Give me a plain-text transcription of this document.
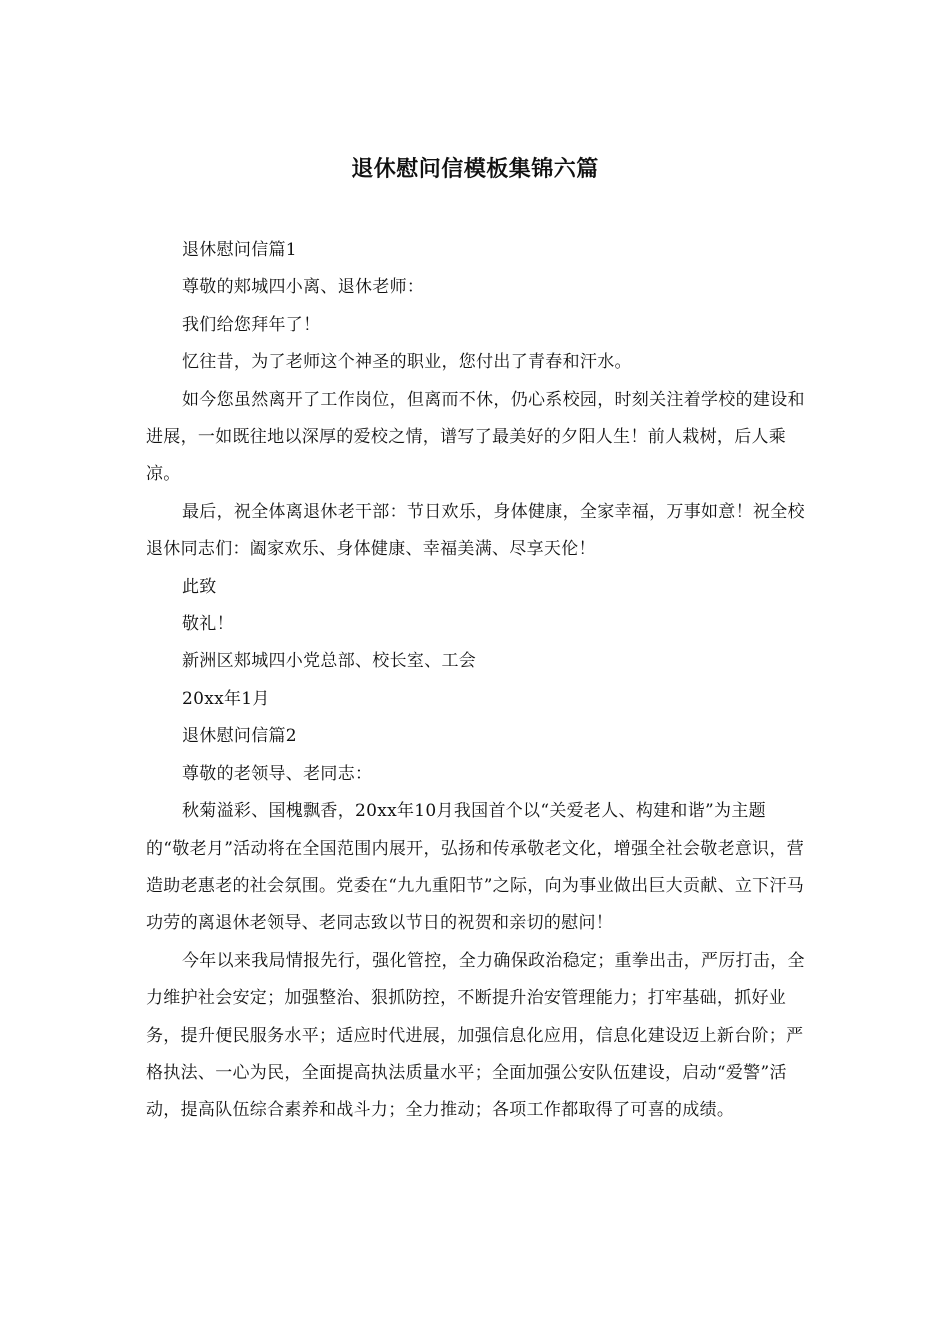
退休慰问信模板集锦六篇

退休慰问信篇1

尊敬的郏城四小离、退休老师：

我们给您拜年了！

忆往昔，为了老师这个神圣的职业，您付出了青春和汗水。

如今您虽然离开了工作岗位，但离而不休，仍心系校园，时刻关注着学校的建设和进展，一如既往地以深厚的爱校之情，谱写了最美好的夕阳人生！前人栽树，后人乘凉。

最后，祝全体离退休老干部：节日欢乐，身体健康，全家幸福，万事如意！祝全校退休同志们：阖家欢乐、身体健康、幸福美满、尽享天伦！

此致

敬礼！

新洲区郏城四小党总部、校长室、工会

20xx年1月

退休慰问信篇2

尊敬的老领导、老同志：

秋菊溢彩、国槐飘香，20xx年10月我国首个以“关爱老人、构建和谐”为主题的“敬老月”活动将在全国范围内展开，弘扬和传承敬老文化，增强全社会敬老意识，营造助老惠老的社会氛围。党委在“九九重阳节”之际，向为事业做出巨大贡献、立下汗马功劳的离退休老领导、老同志致以节日的祝贺和亲切的慰问！

今年以来我局情报先行，强化管控，全力确保政治稳定；重拳出击，严厉打击，全力维护社会安定；加强整治、狠抓防控，不断提升治安管理能力；打牢基础，抓好业务，提升便民服务水平；适应时代进展，加强信息化应用，信息化建设迈上新台阶；严格执法、一心为民，全面提高执法质量水平；全面加强公安队伍建设，启动“爱警”活动，提高队伍综合素养和战斗力；全力推动；各项工作都取得了可喜的成绩。
